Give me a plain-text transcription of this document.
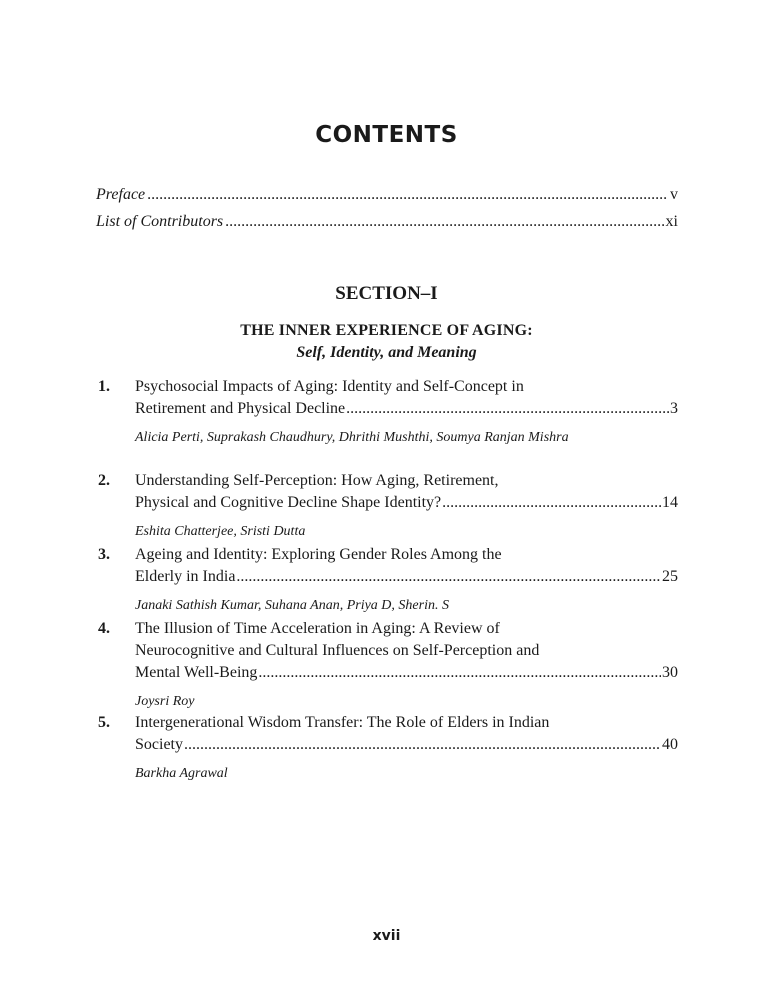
CONTENTS
Preface .....	v
List of Contributors .....	xi
SECTION–I
THE INNER EXPERIENCE OF AGING:
Self, Identity, and Meaning
1. Psychosocial Impacts of Aging: Identity and Self-Concept in
Retirement and Physical Decline .....	3
Alicia Perti, Suprakash Chaudhury, Dhrithi Mushthi, Soumya Ranjan Mishra
2. Understanding Self-Perception: How Aging, Retirement,
Physical and Cognitive Decline Shape Identity? .....	14
Eshita Chatterjee, Sristi Dutta
3. Ageing and Identity: Exploring Gender Roles Among the
Elderly in India .....	25
Janaki Sathish Kumar, Suhana Anan, Priya D, Sherin. S
4. The Illusion of Time Acceleration in Aging: A Review of
Neurocognitive and Cultural Influences on Self-Perception and
Mental Well-Being .....	30
Joysri Roy
5. Intergenerational Wisdom Transfer: The Role of Elders in Indian
Society .....	40
Barkha Agrawal
xvii
